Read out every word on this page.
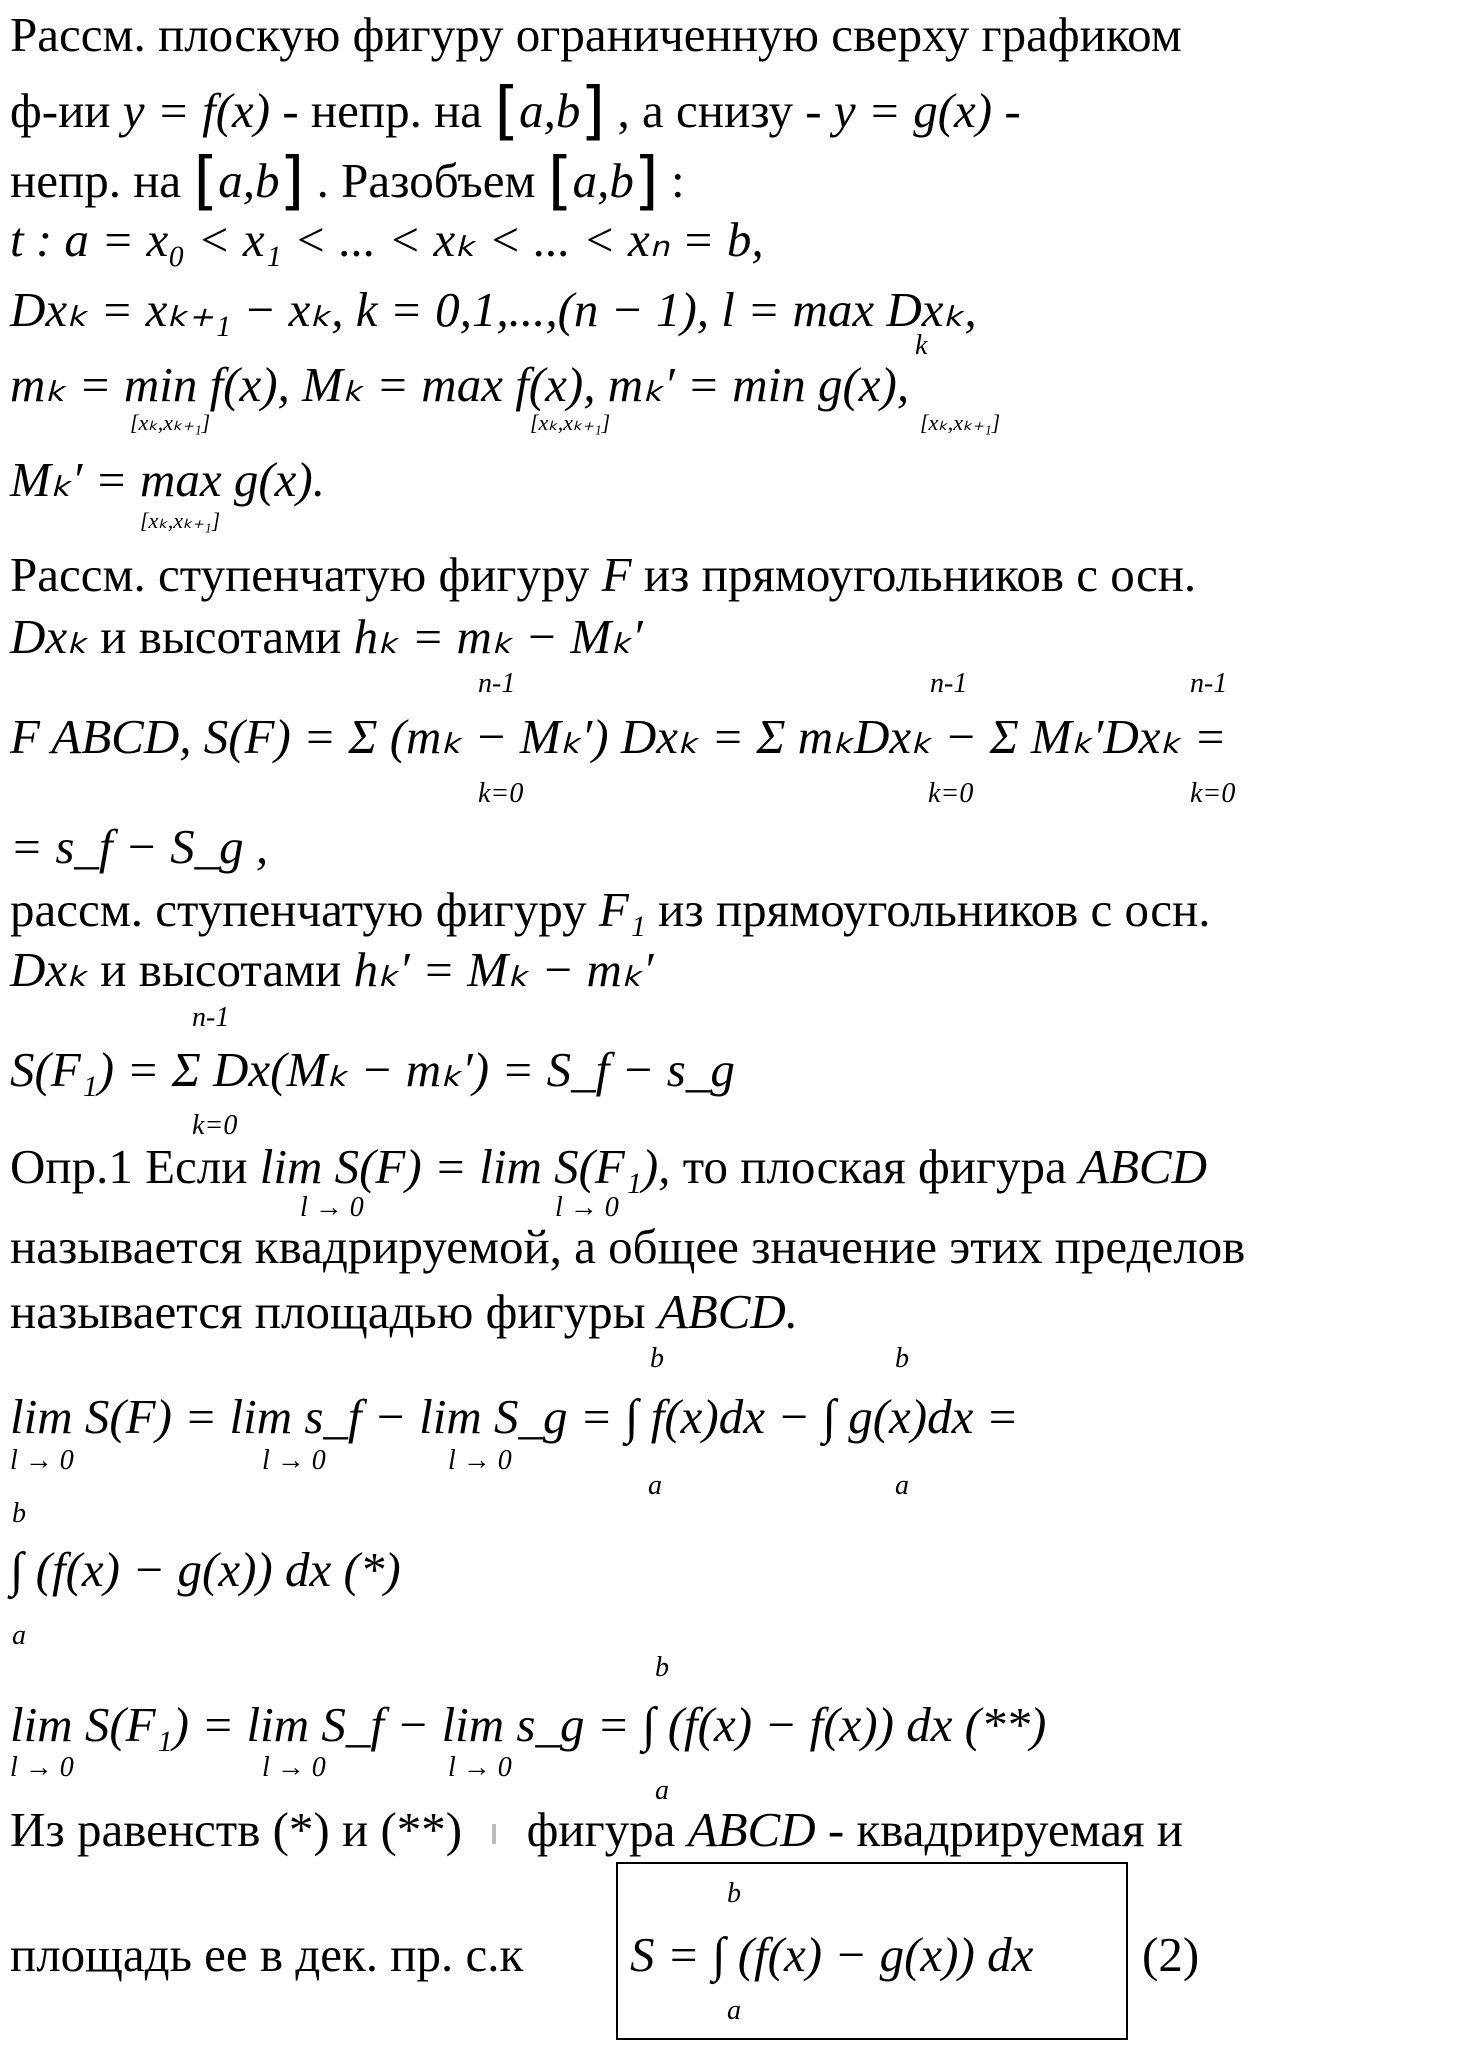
Рассм. плоскую фигуру ограниченную сверху графиком
ф-ии y = f(x) - непр. на [a,b] , а снизу - y = g(x) -
непр. на [a,b] . Разобъем [a,b] :
t : a = x₀ < x₁ < ... < xₖ < ... < xₙ = b,
Dxₖ = xₖ₊₁ − xₖ, k = 0,1,...,(n − 1), l = max Dxₖ,
k
mₖ = min f(x), Mₖ = max f(x), mₖ′ = min g(x),
[xₖ,xₖ₊₁]	[xₖ,xₖ₊₁]	[xₖ,xₖ₊₁]
Mₖ′ = max g(x).
[xₖ,xₖ₊₁]
Рассм. ступенчатую фигуру F из прямоугольников с осн.
Dxₖ и высотами hₖ = mₖ − Mₖ′
n-1	n-1	n-1
F ABCD, S(F) = Σ (mₖ − Mₖ′) Dxₖ = Σ mₖDxₖ − Σ Mₖ′Dxₖ =
k=0	k=0	k=0
= s_f − S_g ,
рассм. ступенчатую фигуру F₁ из прямоугольников с осн.
Dxₖ и высотами hₖ′ = Mₖ − mₖ′
n-1
S(F₁) = Σ Dx(Mₖ − mₖ′) = S_f − s_g
k=0
Опр.1 Если lim S(F) = lim S(F₁), то плоская фигура ABCD
l → 0	l → 0
называется квадрируемой, а общее значение этих пределов
называется площадью фигуры ABCD.
b	b
lim S(F) = lim s_f − lim S_g = ∫ f(x)dx − ∫ g(x)dx =
l → 0	l → 0	l → 0
a	a
b
∫ (f(x) − g(x)) dx (*)
a
b
lim S(F₁) = lim S_f − lim s_g = ∫ (f(x) − f(x)) dx (**)
l → 0	l → 0	l → 0
a
Из равенств (*) и (**)  фигура ABCD - квадрируемая и
площадь ее в дек. пр. с.к
b
S = ∫ (f(x) − g(x)) dx
a
(2)
